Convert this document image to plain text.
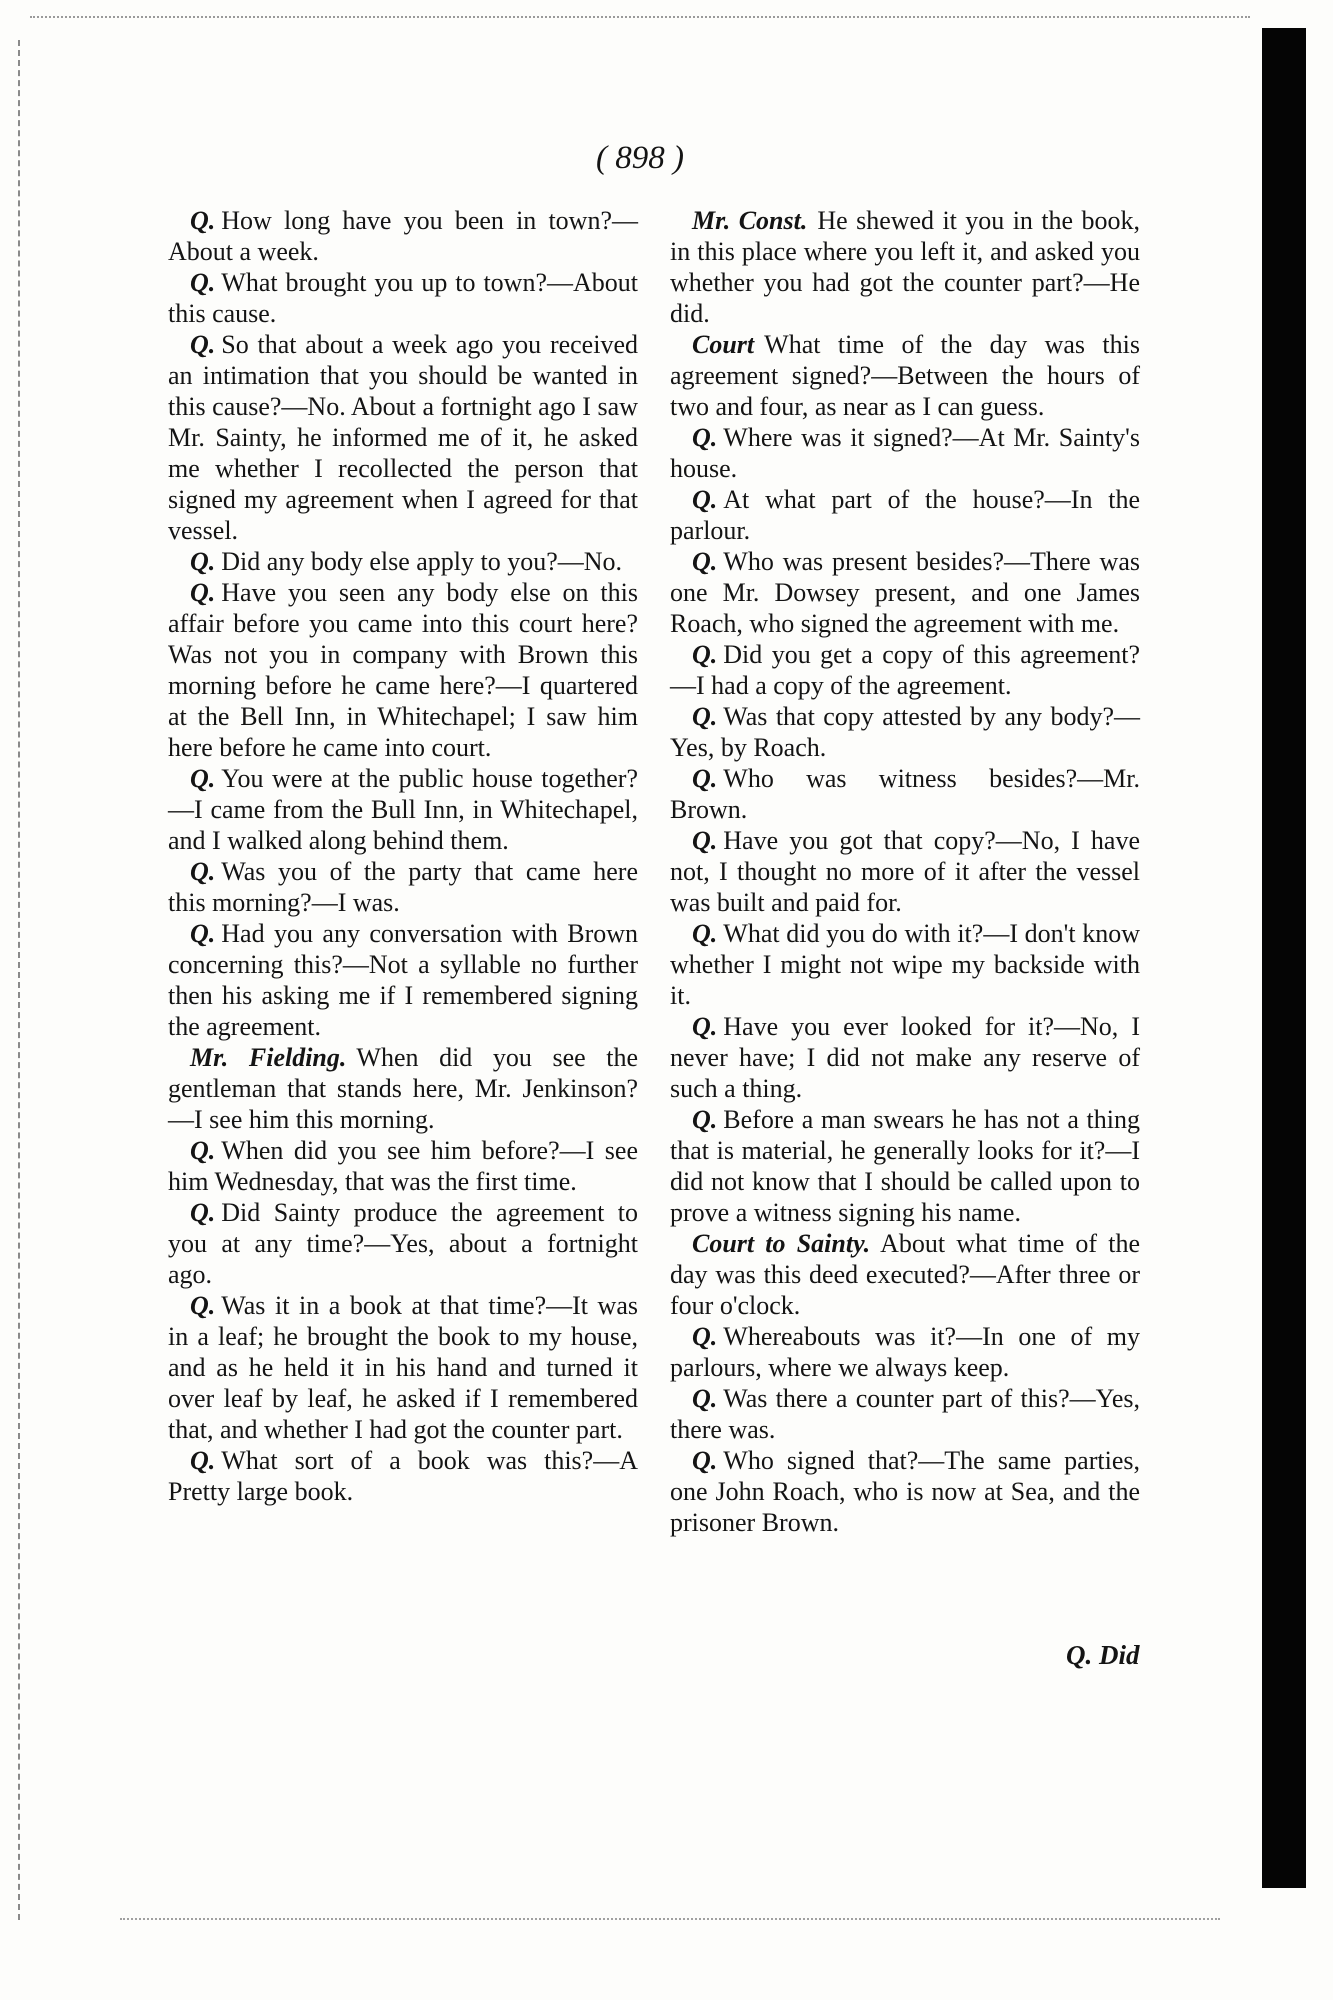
( 898 )

Q. How long have you been in town?—About a week.

Q. What brought you up to town?—About this cause.

Q. So that about a week ago you received an intimation that you should be wanted in this cause?—No. About a fortnight ago I saw Mr. Sainty, he informed me of it, he asked me whether I recollected the person that signed my agreement when I agreed for that vessel.

Q. Did any body else apply to you?—No.

Q. Have you seen any body else on this affair before you came into this court here? Was not you in company with Brown this morning before he came here?—I quartered at the Bell Inn, in Whitechapel; I saw him here before he came into court.

Q. You were at the public house together?—I came from the Bull Inn, in Whitechapel, and I walked along behind them.

Q. Was you of the party that came here this morning?—I was.

Q. Had you any conversation with Brown concerning this?—Not a syllable no further then his asking me if I remembered signing the agreement.

Mr. Fielding. When did you see the gentleman that stands here, Mr. Jenkinson?—I see him this morning.

Q. When did you see him before?—I see him Wednesday, that was the first time.

Q. Did Sainty produce the agreement to you at any time?—Yes, about a fortnight ago.

Q. Was it in a book at that time?—It was in a leaf; he brought the book to my house, and as he held it in his hand and turned it over leaf by leaf, he asked if I remembered that, and whether I had got the counter part.

Q. What sort of a book was this?—A Pretty large book.

Mr. Const. He shewed it you in the book, in this place where you left it, and asked you whether you had got the counter part?—He did.

Court What time of the day was this agreement signed?—Between the hours of two and four, as near as I can guess.

Q. Where was it signed?—At Mr. Sainty's house.

Q. At what part of the house?—In the parlour.

Q. Who was present besides?—There was one Mr. Dowsey present, and one James Roach, who signed the agreement with me.

Q. Did you get a copy of this agreement?—I had a copy of the agreement.

Q. Was that copy attested by any body?—Yes, by Roach.

Q. Who was witness besides?—Mr. Brown.

Q. Have you got that copy?—No, I have not, I thought no more of it after the vessel was built and paid for.

Q. What did you do with it?—I don't know whether I might not wipe my backside with it.

Q. Have you ever looked for it?—No, I never have; I did not make any reserve of such a thing.

Q. Before a man swears he has not a thing that is material, he generally looks for it?—I did not know that I should be called upon to prove a witness signing his name.

Court to Sainty. About what time of the day was this deed executed?—After three or four o'clock.

Q. Whereabouts was it?—In one of my parlours, where we always keep.

Q. Was there a counter part of this?—Yes, there was.

Q. Who signed that?—The same parties, one John Roach, who is now at Sea, and the prisoner Brown.

Q. Did
